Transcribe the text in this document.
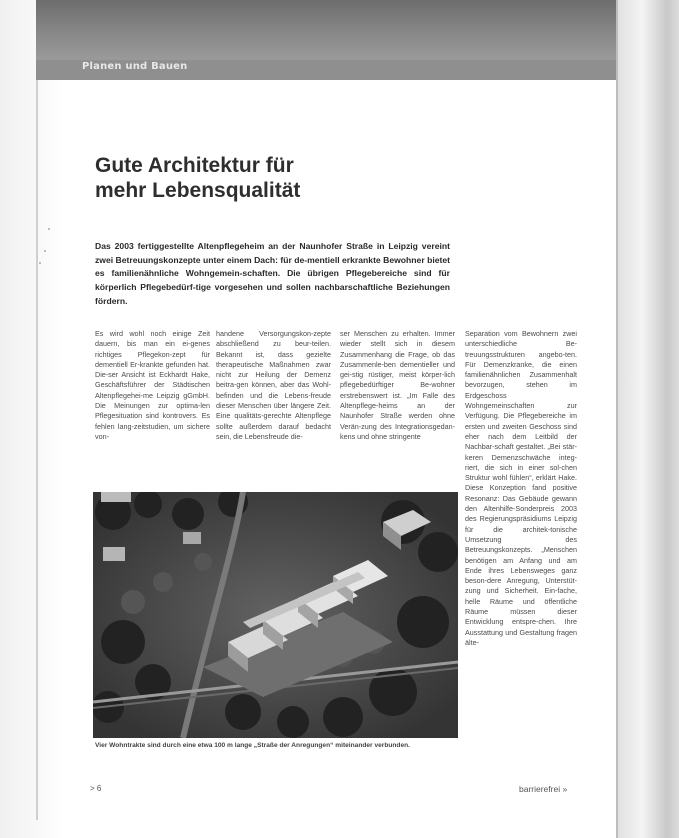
Planen und Bauen
Gute Architektur für
mehr Lebensqualität
Das 2003 fertiggestellte Altenpflegeheim an der Naunhofer Straße in Leipzig vereint zwei Betreuungskonzepte unter einem Dach: für de-mentiell erkrankte Bewohner bietet es familienähnliche Wohngemein-schaften. Die übrigen Pflegebereiche sind für körperlich Pflegebedürf-tige vorgesehen und sollen nachbarschaftliche Beziehungen fördern.
Es wird wohl noch einige Zeit dauern, bis man ein ei-genes richtiges Pflegekon-zept für dementiell Er-krankte gefunden hat. Die-ser Ansicht ist Eckhardt Hake, Geschäftsführer der Städtischen Altenpflegehei-me Leipzig gGmbH. Die Meinungen zur optima-len Pflegesituation sind kontrovers. Es fehlen lang-zeitstudien, um sichere von-
handene Versorgungskon-zepte abschließend zu beur-teilen. Bekannt ist, dass gezielte therapeutische Maßnahmen zwar nicht zur Heilung der Demenz beitra-gen können, aber das Wohl-befinden und die Lebens-freude dieser Menschen über längere Zeit. Eine qualitäts-gerechte Altenpflege sollte außerdem darauf bedacht sein, die Lebensfreude die-
ser Menschen zu erhalten. Immer wieder stellt sich in diesem Zusammenhang die Frage, ob das Zusammenle-ben dementieller und gei-stig rüstiger, meist körper-lich pflegebedürftiger Be-wohner erstrebenswert ist. „Im Falle des Altenpflege-heims an der Naunhofer Straße werden ohne Verän-zung des Integrationsgedan-kens und ohne stringente
Separation vom Bewohnern zwei unterschiedliche Be-treuungsstrukturen angebo-ten. Für Demenzkranke, die einen familienähnlichen Zusammenhalt bevorzugen, stehen im Erdgeschoss Wohngemeinschaften zur Verfügung. Die Pflegebereiche im ersten und zweiten Geschoss sind eher nach dem Leitbild der Nachbar-schaft gestaltet. „Bei stär-keren Demenzschwäche integ-riert, die sich in einer sol-chen Struktur wohl fühlen“, erklärt Hake. Diese Konzeption fand positive Resonanz: Das Gebäude gewann den Altenhilfe-Sonderpreis 2003 des Regierungspräsidiums Leipzig für die architek-tonische Umsetzung des Betreuungskonzepts. „Menschen benötigen am Anfang und am Ende ihres Lebensweges ganz beson-dere Anregung, Unterstüt-zung und Sicherheit. Ein-fache, helle Räume und öffentliche Räume müssen dieser Entwicklung entspre-chen. Ihre Ausstattung und Gestaltung fragen älte-
Vier Wohntrakte sind durch eine etwa 100 m lange „Straße der Anregungen“ miteinander verbunden.
> 6	barrierefrei »
